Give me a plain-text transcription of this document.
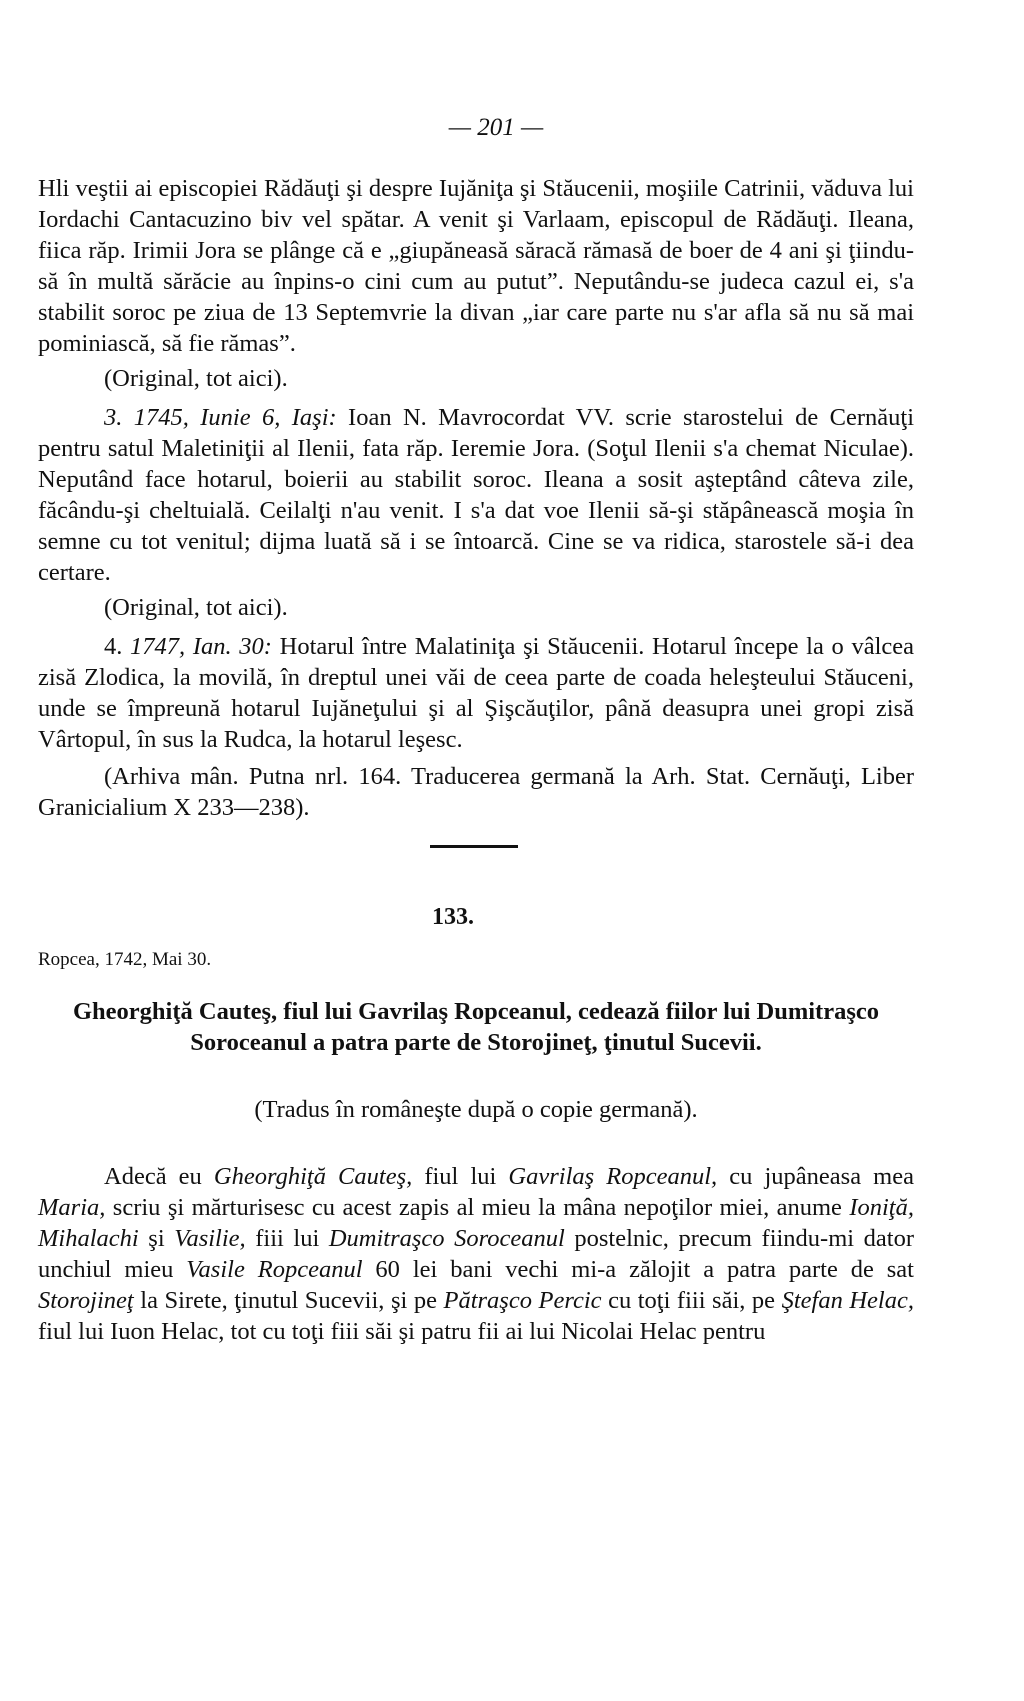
— 201 —

Hli veştii ai episcopiei Rădăuţi şi despre Iujăniţa şi Stăucenii, moşiile Catrinii, văduva lui Iordachi Cantacuzino biv vel spătar. A venit şi Varlaam, episcopul de Rădăuţi. Ileana, fiica răp. Irimii Jora se plânge că e „giupăneasă săracă rămasă de boer de 4 ani şi ţiindu-să în multă sărăcie au înpins-o cini cum au putut”. Neputându-se judeca cazul ei, s'a stabilit soroc pe ziua de 13 Septemvrie la divan „iar care parte nu s'ar afla să nu să mai pominiască, să fie rămas”.

(Original, tot aici).

3. 1745, Iunie 6, Iaşi: Ioan N. Mavrocordat VV. scrie starostelui de Cernăuţi pentru satul Maletiniţii al Ilenii, fata răp. Ieremie Jora. (Soţul Ilenii s'a chemat Niculae). Neputând face hotarul, boierii au stabilit soroc. Ileana a sosit aşteptând câteva zile, făcându-şi cheltuială. Ceilalţi n'au venit. I s'a dat voe Ilenii să-şi stăpânească moşia în semne cu tot venitul; dijma luată să i se întoarcă. Cine se va ridica, starostele să-i dea certare.

(Original, tot aici).

4. 1747, Ian. 30: Hotarul între Malatiniţa şi Stăucenii. Hotarul începe la o vâlcea zisă Zlodica, la movilă, în dreptul unei văi de ceea parte de coada heleşteului Stăuceni, unde se împreună hotarul Iujăneţului şi al Şişcăuţilor, până deasupra unei gropi zisă Vârtopul, în sus la Rudca, la hotarul leşesc.

(Arhiva mân. Putna nrl. 164. Traducerea germană la Arh. Stat. Cernăuţi, Liber Granicialium X 233—238).

133.
Ropcea, 1742, Mai 30.
Gheorghiţă Cauteş, fiul lui Gavrilaş Ropceanul, cedează fiilor lui Dumitraşco Soroceanul a patra parte de Storojineţ, ţinutul Sucevii.
(Tradus în româneşte după o copie germană).

Adecă eu Gheorghiţă Cauteş, fiul lui Gavrilaş Ropceanul, cu jupâneasa mea Maria, scriu şi mărturisesc cu acest zapis al mieu la mâna nepoţilor miei, anume Ioniţă, Mihalachi şi Vasilie, fiii lui Dumitraşco Soroceanul postelnic, precum fiindu-mi dator unchiul mieu Vasile Ropceanul 60 lei bani vechi mi-a zălojit a patra parte de sat Storojineţ la Sirete, ţinutul Sucevii, şi pe Pătraşco Percic cu toţi fiii săi, pe Ştefan Helac, fiul lui Iuon Helac, tot cu toţi fiii săi şi patru fii ai lui Nicolai Helac pentru
